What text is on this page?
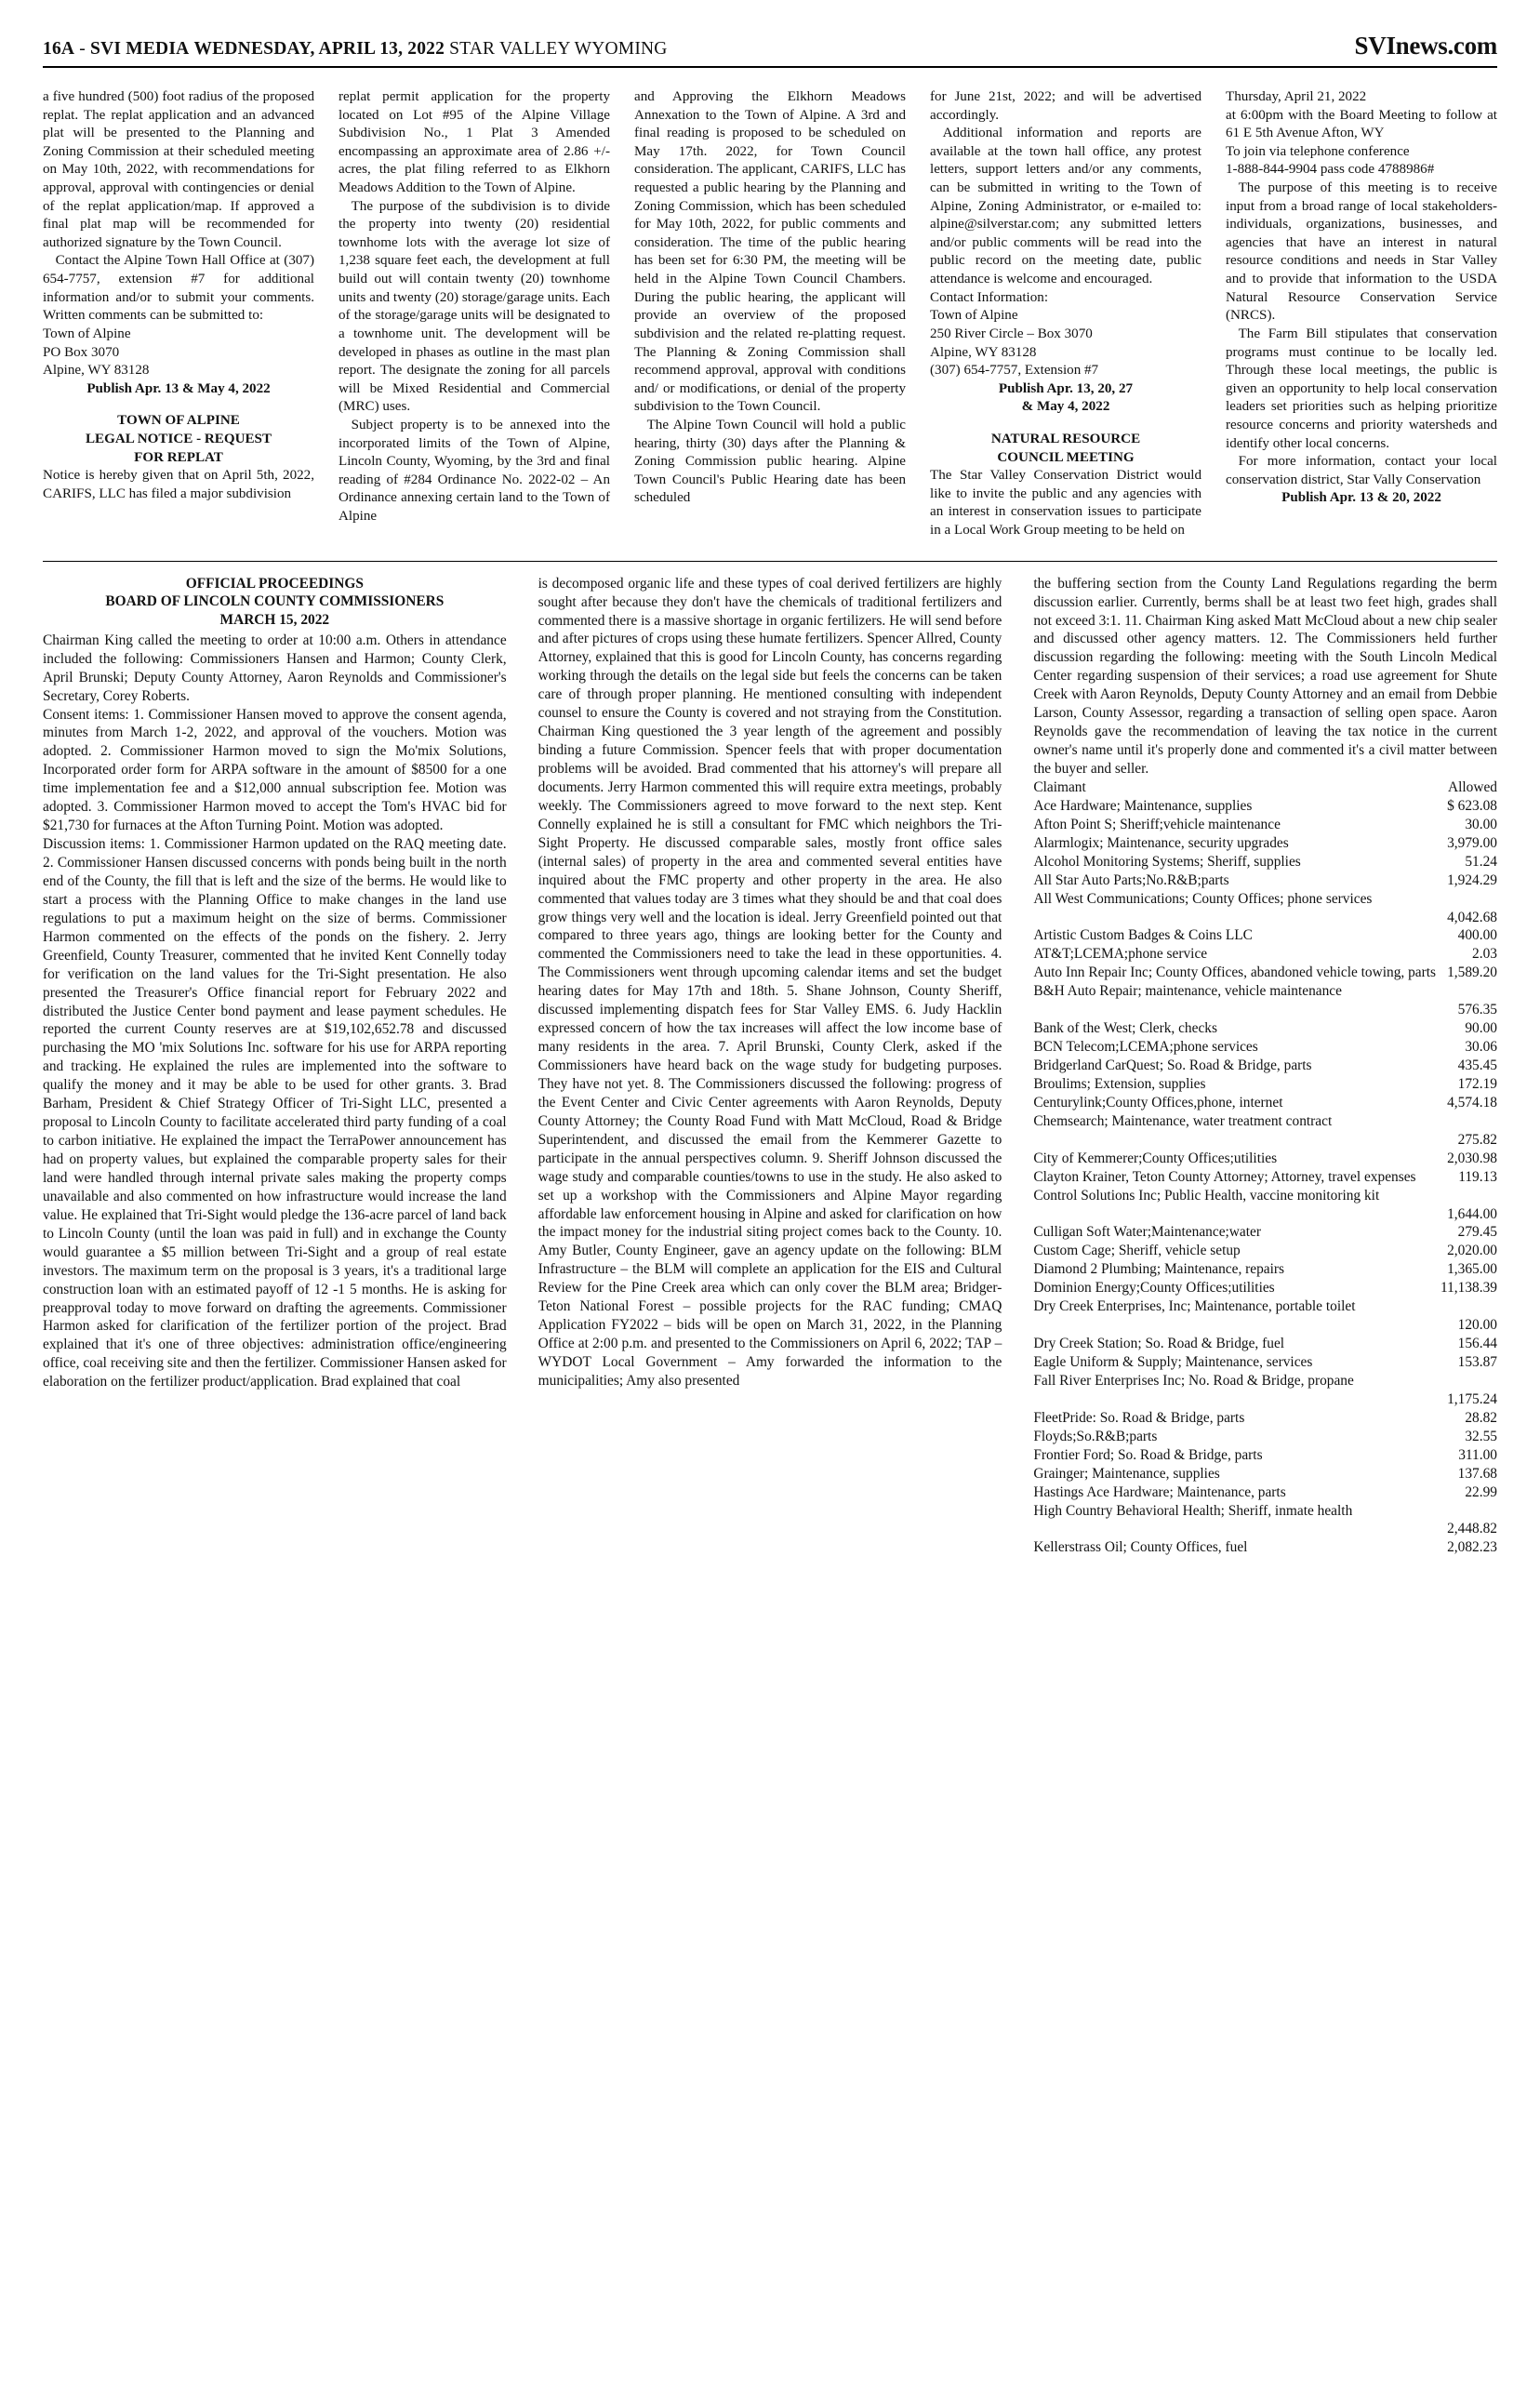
16A - SVI MEDIA WEDNESDAY, APRIL 13, 2022 STAR VALLEY WYOMING	SVInews.com

a five hundred (500) foot radius of the proposed replat. The replat application and an advanced plat will be presented to the Planning and Zoning Commission at their scheduled meeting on May 10th, 2022, with recommendations for approval, approval with contingencies or denial of the replat application/map. If approved a final plat map will be recommended for authorized signature by the Town Council.

Contact the Alpine Town Hall Office at (307) 654-7757, extension #7 for additional information and/or to submit your comments. Written comments can be submitted to:

Town of Alpine

PO Box 3070

Alpine, WY 83128

Publish Apr. 13 & May 4, 2022

TOWN OF ALPINE

LEGAL NOTICE - REQUEST

FOR REPLAT

Notice is hereby given that on April 5th, 2022, CARIFS, LLC has filed a major subdivision

replat permit application for the property located on Lot #95 of the Alpine Village Subdivision No., 1 Plat 3 Amended encompassing an approximate area of 2.86 +/- acres, the plat filing referred to as Elkhorn Meadows Addition to the Town of Alpine.

The purpose of the subdivision is to divide the property into twenty (20) residential townhome lots with the average lot size of 1,238 square feet each, the development at full build out will contain twenty (20) townhome units and twenty (20) storage/garage units. Each of the storage/garage units will be designated to a townhome unit. The development will be developed in phases as outline in the mast plan report. The designate the zoning for all parcels will be Mixed Residential and Commercial (MRC) uses.

Subject property is to be annexed into the incorporated limits of the Town of Alpine, Lincoln County, Wyoming, by the 3rd and final reading of #284 Ordinance No. 2022-02 – An Ordinance annexing certain land to the Town of Alpine

and Approving the Elkhorn Meadows Annexation to the Town of Alpine. A 3rd and final reading is proposed to be scheduled on May 17th. 2022, for Town Council consideration. The applicant, CARIFS, LLC has requested a public hearing by the Planning and Zoning Commission, which has been scheduled for May 10th, 2022, for public comments and consideration. The time of the public hearing has been set for 6:30 PM, the meeting will be held in the Alpine Town Council Chambers. During the public hearing, the applicant will provide an overview of the proposed subdivision and the related re-platting request. The Planning & Zoning Commission shall recommend approval, approval with conditions and/ or modifications, or denial of the property subdivision to the Town Council.

The Alpine Town Council will hold a public hearing, thirty (30) days after the Planning & Zoning Commission public hearing. Alpine Town Council's Public Hearing date has been scheduled

for June 21st, 2022; and will be advertised accordingly.

Additional information and reports are available at the town hall office, any protest letters, support letters and/or any comments, can be submitted in writing to the Town of Alpine, Zoning Administrator, or e-mailed to: alpine@silverstar.com; any submitted letters and/or public comments will be read into the public record on the meeting date, public attendance is welcome and encouraged.

Contact Information:

Town of Alpine

250 River Circle – Box 3070

Alpine, WY 83128

(307) 654-7757, Extension #7

Publish Apr. 13, 20, 27

& May 4, 2022

NATURAL RESOURCE

COUNCIL MEETING

The Star Valley Conservation District would like to invite the public and any agencies with an interest in conservation issues to participate in a Local Work Group meeting to be held on

Thursday, April 21, 2022

at 6:00pm with the Board Meeting to follow at 61 E 5th Avenue Afton, WY

To join via telephone conference

1-888-844-9904 pass code 4788986#

The purpose of this meeting is to receive input from a broad range of local stakeholders-individuals, organizations, businesses, and agencies that have an interest in natural resource conditions and needs in Star Valley and to provide that information to the USDA Natural Resource Conservation Service (NRCS).

The Farm Bill stipulates that conservation programs must continue to be locally led. Through these local meetings, the public is given an opportunity to help local conservation leaders set priorities such as helping prioritize resource concerns and priority watersheds and identify other local concerns.

For more information, contact your local conservation district, Star Vally Conservation

Publish Apr. 13 & 20, 2022

OFFICIAL PROCEEDINGS
BOARD OF LINCOLN COUNTY COMMISSIONERS
MARCH 15, 2022

Chairman King called the meeting to order at 10:00 a.m. Others in attendance included the following: Commissioners Hansen and Harmon; County Clerk, April Brunski; Deputy County Attorney, Aaron Reynolds and Commissioner's Secretary, Corey Roberts.

Consent items: 1. Commissioner Hansen moved to approve the consent agenda, minutes from March 1-2, 2022, and approval of the vouchers. Motion was adopted. 2. Commissioner Harmon moved to sign the Mo'mix Solutions, Incorporated order form for ARPA software in the amount of $8500 for a one time implementation fee and a $12,000 annual subscription fee. Motion was adopted. 3. Commissioner Harmon moved to accept the Tom's HVAC bid for $21,730 for furnaces at the Afton Turning Point. Motion was adopted.

Discussion items: 1. Commissioner Harmon updated on the RAQ meeting date. 2. Commissioner Hansen discussed concerns with ponds being built in the north end of the County, the fill that is left and the size of the berms. He would like to start a process with the Planning Office to make changes in the land use regulations to put a maximum height on the size of berms. Commissioner Harmon commented on the effects of the ponds on the fishery. 2. Jerry Greenfield, County Treasurer, commented that he invited Kent Connelly today for verification on the land values for the Tri-Sight presentation. He also presented the Treasurer's Office financial report for February 2022 and distributed the Justice Center bond payment and lease payment schedules. He reported the current County reserves are at $19,102,652.78 and discussed purchasing the MO 'mix Solutions Inc. software for his use for ARPA reporting and tracking. He explained the rules are implemented into the software to qualify the money and it may be able to be used for other grants. 3. Brad Barham, President & Chief Strategy Officer of Tri-Sight LLC, presented a proposal to Lincoln County to facilitate accelerated third party funding of a coal to carbon initiative. He explained the impact the TerraPower announcement has had on property values, but explained the comparable property sales for their land were handled through internal private sales making the property comps unavailable and also commented on how infrastructure would increase the land value. He explained that Tri-Sight would pledge the 136-acre parcel of land back to Lincoln County (until the loan was paid in full) and in exchange the County would guarantee a $5 million between Tri-Sight and a group of real estate investors. The maximum term on the proposal is 3 years, it's a traditional large construction loan with an estimated payoff of 12 -1 5 months. He is asking for preapproval today to move forward on drafting the agreements. Commissioner Harmon asked for clarification of the fertilizer portion of the project. Brad explained that it's one of three objectives: administration office/engineering office, coal receiving site and then the fertilizer. Commissioner Hansen asked for elaboration on the fertilizer product/application. Brad explained that coal

is decomposed organic life and these types of coal derived fertilizers are highly sought after because they don't have the chemicals of traditional fertilizers and commented there is a massive shortage in organic fertilizers. He will send before and after pictures of crops using these humate fertilizers. Spencer Allred, County Attorney, explained that this is good for Lincoln County, has concerns regarding working through the details on the legal side but feels the concerns can be taken care of through proper planning. He mentioned consulting with independent counsel to ensure the County is covered and not straying from the Constitution. Chairman King questioned the 3 year length of the agreement and possibly binding a future Commission. Spencer feels that with proper documentation problems will be avoided. Brad commented that his attorney's will prepare all documents. Jerry Harmon commented this will require extra meetings, probably weekly. The Commissioners agreed to move forward to the next step. Kent Connelly explained he is still a consultant for FMC which neighbors the Tri-Sight Property. He discussed comparable sales, mostly front office sales (internal sales) of property in the area and commented several entities have inquired about the FMC property and other property in the area. He also commented that values today are 3 times what they should be and that coal does grow things very well and the location is ideal. Jerry Greenfield pointed out that compared to three years ago, things are looking better for the County and commented the Commissioners need to take the lead in these opportunities. 4. The Commissioners went through upcoming calendar items and set the budget hearing dates for May 17th and 18th. 5. Shane Johnson, County Sheriff, discussed implementing dispatch fees for Star Valley EMS. 6. Judy Hacklin expressed concern of how the tax increases will affect the low income base of many residents in the area. 7. April Brunski, County Clerk, asked if the Commissioners have heard back on the wage study for budgeting purposes. They have not yet. 8. The Commissioners discussed the following: progress of the Event Center and Civic Center agreements with Aaron Reynolds, Deputy County Attorney; the County Road Fund with Matt McCloud, Road & Bridge Superintendent, and discussed the email from the Kemmerer Gazette to participate in the annual perspectives column. 9. Sheriff Johnson discussed the wage study and comparable counties/towns to use in the study. He also asked to set up a workshop with the Commissioners and Alpine Mayor regarding affordable law enforcement housing in Alpine and asked for clarification on how the impact money for the industrial siting project comes back to the County. 10. Amy Butler, County Engineer, gave an agency update on the following: BLM Infrastructure – the BLM will complete an application for the EIS and Cultural Review for the Pine Creek area which can only cover the BLM area; Bridger-Teton National Forest – possible projects for the RAC funding; CMAQ Application FY2022 – bids will be open on March 31, 2022, in the Planning Office at 2:00 p.m. and presented to the Commissioners on April 6, 2022; TAP – WYDOT Local Government – Amy forwarded the information to the municipalities; Amy also presented

the buffering section from the County Land Regulations regarding the berm discussion earlier. Currently, berms shall be at least two feet high, grades shall not exceed 3:1. 11. Chairman King asked Matt McCloud about a new chip sealer and discussed other agency matters. 12. The Commissioners held further discussion regarding the following: meeting with the South Lincoln Medical Center regarding suspension of their services; a road use agreement for Shute Creek with Aaron Reynolds, Deputy County Attorney and an email from Debbie Larson, County Assessor, regarding a transaction of selling open space. Aaron Reynolds gave the recommendation of leaving the tax notice in the current owner's name until it's properly done and commented it's a civil matter between the buyer and seller.

Claimant	Allowed
Ace Hardware; Maintenance, supplies	$ 623.08
Afton Point S; Sheriff;vehicle maintenance	30.00
Alarmlogix; Maintenance, security upgrades	3,979.00
Alcohol Monitoring Systems; Sheriff, supplies	51.24
All Star Auto Parts;No.R&B;parts	1,924.29
All West Communications; County Offices; phone services
4,042.68
Artistic Custom Badges & Coins LLC	400.00
AT&T;LCEMA;phone service	2.03
Auto Inn Repair Inc; County Offices, abandoned vehicle towing, parts 1,589.20
B&H Auto Repair; maintenance, vehicle maintenance
576.35
Bank of the West; Clerk, checks	90.00
BCN Telecom;LCEMA;phone services	30.06
Bridgerland CarQuest; So. Road & Bridge, parts	435.45
Broulims; Extension, supplies	172.19
Centurylink;County Offices,phone, internet	4,574.18
Chemsearch; Maintenance, water treatment contract
275.82
City of Kemmerer;County Offices;utilities	2,030.98
Clayton Krainer, Teton County Attorney; Attorney, travel expenses	119.13
Control Solutions Inc; Public Health, vaccine monitoring kit
1,644.00
Culligan Soft Water;Maintenance;water	279.45
Custom Cage; Sheriff, vehicle setup	2,020.00
Diamond 2 Plumbing; Maintenance, repairs	1,365.00
Dominion Energy;County Offices;utilities	11,138.39
Dry Creek Enterprises, Inc; Maintenance, portable toilet
120.00
Dry Creek Station; So. Road & Bridge, fuel	156.44
Eagle Uniform & Supply; Maintenance, services	153.87
Fall River Enterprises Inc; No. Road & Bridge, propane
1,175.24
FleetPride: So. Road & Bridge, parts	28.82
Floyds;So.R&B;parts	32.55
Frontier Ford; So. Road & Bridge, parts	311.00
Grainger; Maintenance, supplies	137.68
Hastings Ace Hardware; Maintenance, parts	22.99
High Country Behavioral Health; Sheriff, inmate health
2,448.82
Kellerstrass Oil; County Offices, fuel	2,082.23
